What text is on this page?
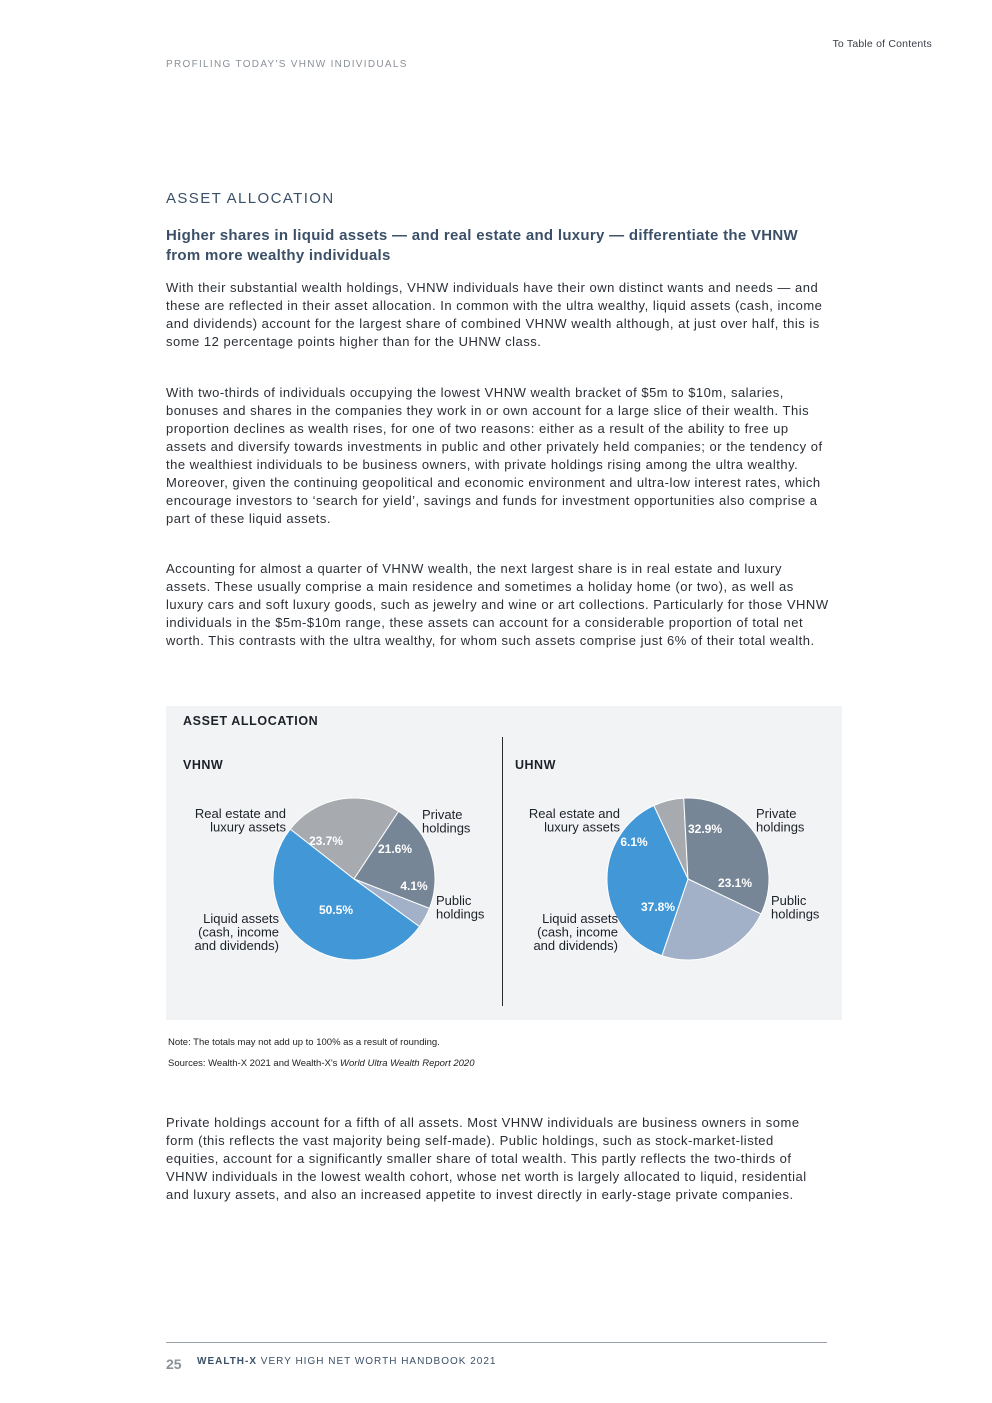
To Table of Contents
PROFILING TODAY'S VHNW INDIVIDUALS
ASSET ALLOCATION
Higher shares in liquid assets — and real estate and luxury — differentiate the VHNW from more wealthy individuals

With their substantial wealth holdings, VHNW individuals have their own distinct wants and needs — and these are reflected in their asset allocation. In common with the ultra wealthy, liquid assets (cash, income and dividends) account for the largest share of combined VHNW wealth although, at just over half, this is some 12 percentage points higher than for the UHNW class.

With two-thirds of individuals occupying the lowest VHNW wealth bracket of $5m to $10m, salaries, bonuses and shares in the companies they work in or own account for a large slice of their wealth. This proportion declines as wealth rises, for one of two reasons: either as a result of the ability to free up assets and diversify towards investments in public and other privately held companies; or the tendency of the wealthiest individuals to be business owners, with private holdings rising among the ultra wealthy. Moreover, given the continuing geopolitical and economic environment and ultra-low interest rates, which encourage investors to ‘search for yield’, savings and funds for investment opportunities also comprise a part of these liquid assets.

Accounting for almost a quarter of VHNW wealth, the next largest share is in real estate and luxury assets. These usually comprise a main residence and sometimes a holiday home (or two), as well as luxury cars and soft luxury goods, such as jewelry and wine or art collections. Particularly for those VHNW individuals in the $5m-$10m range, these assets can account for a considerable proportion of total net worth. This contrasts with the ultra wealthy, for whom such assets comprise just 6% of their total wealth.

ASSET ALLOCATION
VHNW	UHNW
23.7%
21.6%
4.1%
50.5%
Real estate and luxury assets
Private holdings
Public holdings
Liquid assets (cash, income and dividends)
6.1%
32.9%
23.1%
37.8%
Real estate and luxury assets
Private holdings
Public holdings
Liquid assets (cash, income and dividends)

Note: The totals may not add up to 100% as a result of rounding.

Sources: Wealth-X 2021 and Wealth-X's World Ultra Wealth Report 2020

Private holdings account for a fifth of all assets. Most VHNW individuals are business owners in some form (this reflects the vast majority being self-made). Public holdings, such as stock-market-listed equities, account for a significantly smaller share of total wealth. This partly reflects the two-thirds of VHNW individuals in the lowest wealth cohort, whose net worth is largely allocated to liquid, residential and luxury assets, and also an increased appetite to invest directly in early-stage private companies.

25 WEALTH-X VERY HIGH NET WORTH HANDBOOK 2021
